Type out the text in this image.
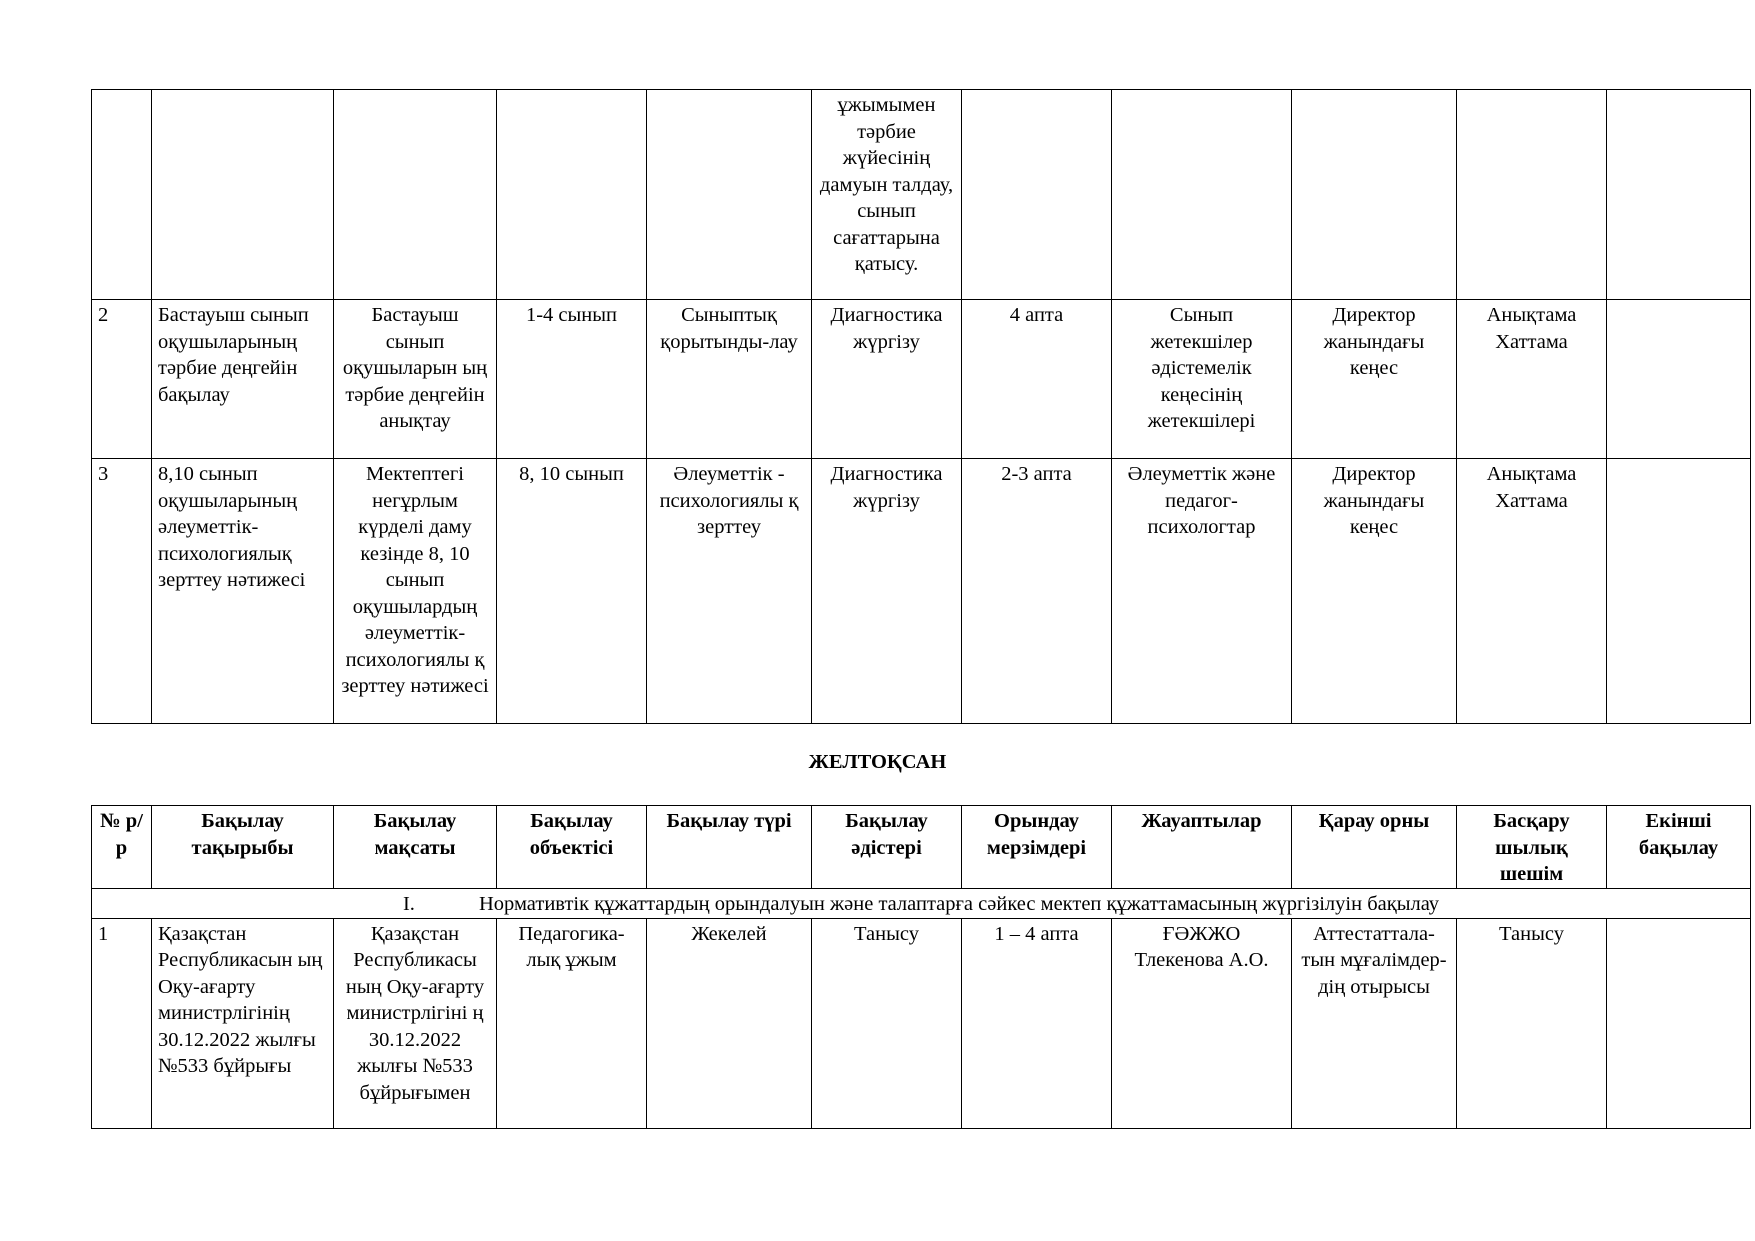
					ұжымымен тәрбие жүйесінің дамуын талдау, сынып сағаттарына қатысу.					
2	Бастауыш сынып оқушыларының тәрбие деңгейін бақылау	Бастауыш сынып оқушыларын ың тәрбие деңгейін анықтау	1-4 сынып	Сыныптық қорытынды-лау	Диагностика жүргізу	4 апта	Сынып жетекшілер әдістемелік кеңесінің жетекшілері	Директор жанындағы кеңес	Анықтама Хаттама	
3	8,10 сынып оқушыларының әлеуметтік-психологиялық зерттеу нәтижесі	Мектептегі негұрлым күрделі даму кезінде 8, 10 сынып оқушылардың әлеуметтік-психологиялы қ зерттеу нәтижесі	8, 10 сынып	Әлеуметтік - психологиялы қ зерттеу	Диагностика жүргізу	2-3 апта	Әлеуметтік және педагог-психологтар	Директор жанындағы кеңес	Анықтама Хаттама	
ЖЕЛТОҚСАН
№ р/р	Бақылау тақырыбы	Бақылау мақсаты	Бақылау объектісі	Бақылау түрі	Бақылау әдістері	Орындау мерзімдері	Жауаптылар	Қарау орны	Басқару шылық шешім	Екінші бақылау
I. Нормативтік құжаттардың орындалуын және талаптарға сәйкес мектеп құжаттамасының жүргізілуін бақылау										
1	Қазақстан Республикасын ың Оқу-ағарту министрлігінің 30.12.2022 жылғы №533 бұйрығы	Қазақстан Республикасы ның Оқу-ағарту министрлігіні ң 30.12.2022 жылғы №533 бұйрығымен	Педагогика-лық ұжым	Жекелей	Танысу	1 – 4 апта	ҒӘЖЖО Тлекенова А.О.	Аттестаттала-тын мұғалімдер-дің отырысы	Танысу	
